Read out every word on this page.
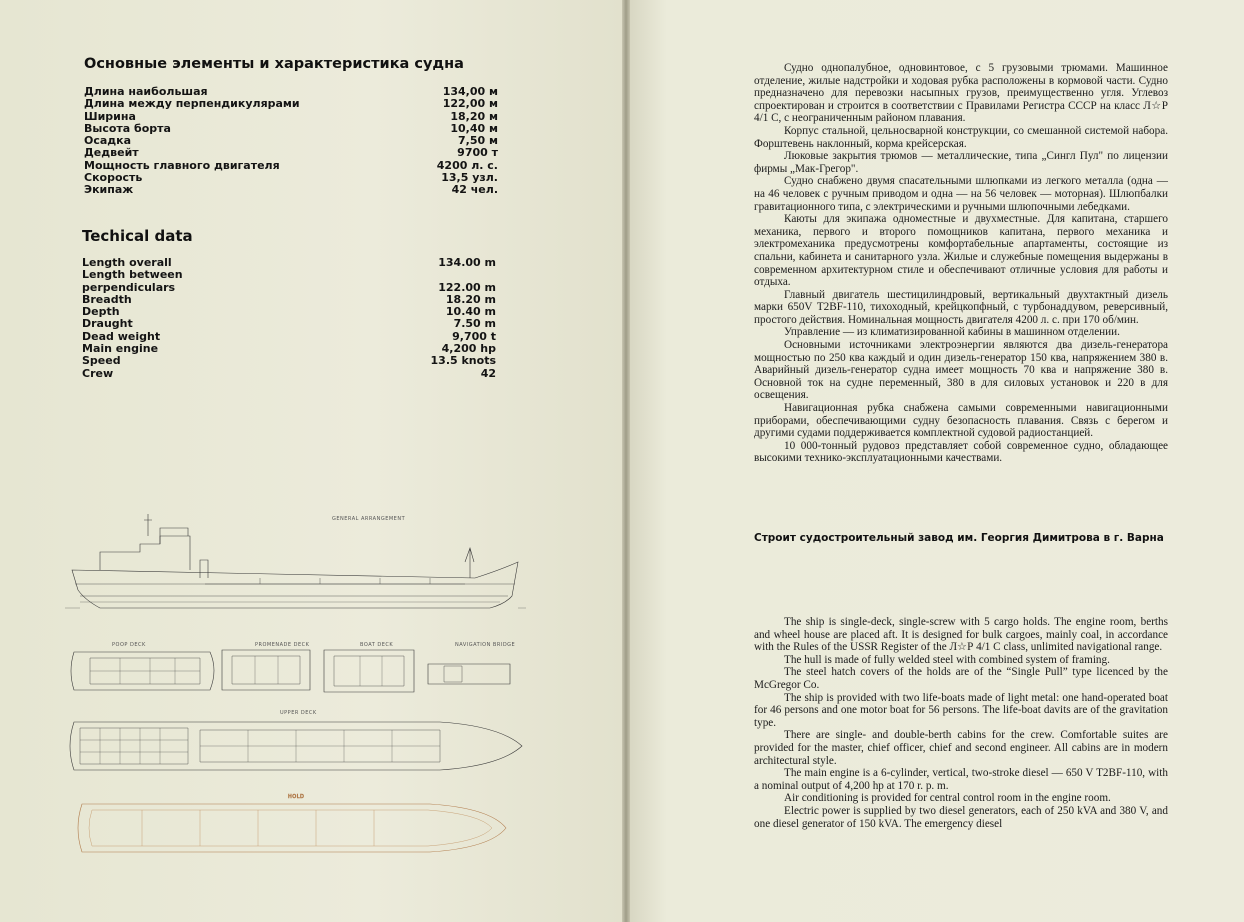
Основные элементы и характеристика судна
Длина наибольшая	134,00 м
Длина между перпендикулярами	122,00 м
Ширина	18,20 м
Высота борта	10,40 м
Осадка	7,50 м
Дедвейт	9700 т
Мощность главного двигателя	4200 л. с.
Скорость	13,5 узл.
Экипаж	42 чел.
Techical data
Length overall	134.00 m
Length between
perpendiculars	122.00 m
Breadth	18.20 m
Depth	10.40 m
Draught	7.50 m
Dead weight	9,700 t
Main engine	4,200 hp
Speed	13.5 knots
Crew	42
GENERAL ARRANGEMENT
POOP DECK	PROMENADE DECK	BOAT DECK	NAVIGATION BRIDGE
UPPER DECK
HOLD

Судно однопалубное, одновинтовое, с 5 грузовыми трюмами. Машинное отделение, жилые надстройки и ходовая рубка расположены в кормовой части. Судно предназначено для перевозки насыпных грузов, преимущественно угля. Углевоз спроектирован и строится в соответствии с Правилами Регистра СССР на класс Л☆Р 4/1 С, с неограниченным районом плавания.

Корпус стальной, цельносварной конструкции, со смешанной системой набора. Форштевень наклонный, корма крейсерская.

Люковые закрытия трюмов — металлические, типа „Сингл Пул" по лицензии фирмы „Мак-Грегор".

Судно снабжено двумя спасательными шлюпками из легкого металла (одна — на 46 человек с ручным приводом и одна — на 56 человек — моторная). Шлюпбалки гравитационного типа, с электрическими и ручными шлюпочными лебедками.

Каюты для экипажа одноместные и двухместные. Для капитана, старшего механика, первого и второго помощников капитана, первого механика и электромеханика предусмотрены комфортабельные апартаменты, состоящие из спальни, кабинета и санитарного узла. Жилые и служебные помещения выдержаны в современном архитектурном стиле и обеспечивают отличные условия для работы и отдыха.

Главный двигатель шестицилиндровый, вертикальный двухтактный дизель марки 650V Т2BF-110, тихоходный, крейцкопфный, с турбонаддувом, реверсивный, простого действия. Номинальная мощность двигателя 4200 л. с. при 170 об/мин.

Управление — из климатизированной кабины в машинном отделении.

Основными источниками электроэнергии являются два дизель-генератора мощностью по 250 ква каждый и один дизель-генератор 150 ква, напряжением 380 в. Аварийный дизель-генератор судна имеет мощность 70 ква и напряжение 380 в. Основной ток на судне переменный, 380 в для силовых установок и 220 в для освещения.

Навигационная рубка снабжена самыми современными навигационными приборами, обеспечивающими судну безопасность плавания. Связь с берегом и другими судами поддерживается комплектной судовой радиостанцией.

10 000-тонный рудовоз представляет собой современное судно, обладающее высокими технико-эксплуатационными качествами.

Строит судостроительный завод им. Георгия Димитрова в г. Варна

The ship is single-deck, single-screw with 5 cargo holds. The engine room, berths and wheel house are placed aft. It is designed for bulk cargoes, mainly coal, in accordance with the Rules of the USSR Register of the Л☆Р 4/1 С class, unlimited navigational range.

The hull is made of fully welded steel with combined system of framing.

The steel hatch covers of the holds are of the “Single Pull” type licenced by the McGregor Co.

The ship is provided with two life-boats made of light metal: one hand-operated boat for 46 persons and one motor boat for 56 persons. The life-boat davits are of the gravitation type.

There are single- and double-berth cabins for the crew. Comfortable suites are provided for the master, chief officer, chief and second engineer. All cabins are in modern architectural style.

The main engine is a 6-cylinder, vertical, two-stroke diesel — 650 V T2BF-110, with a nominal output of 4,200 hp at 170 r. p. m.

Air conditioning is provided for central control room in the engine room.

Electric power is supplied by two diesel generators, each of 250 kVA and 380 V, and one diesel generator of 150 kVA. The emergency diesel
